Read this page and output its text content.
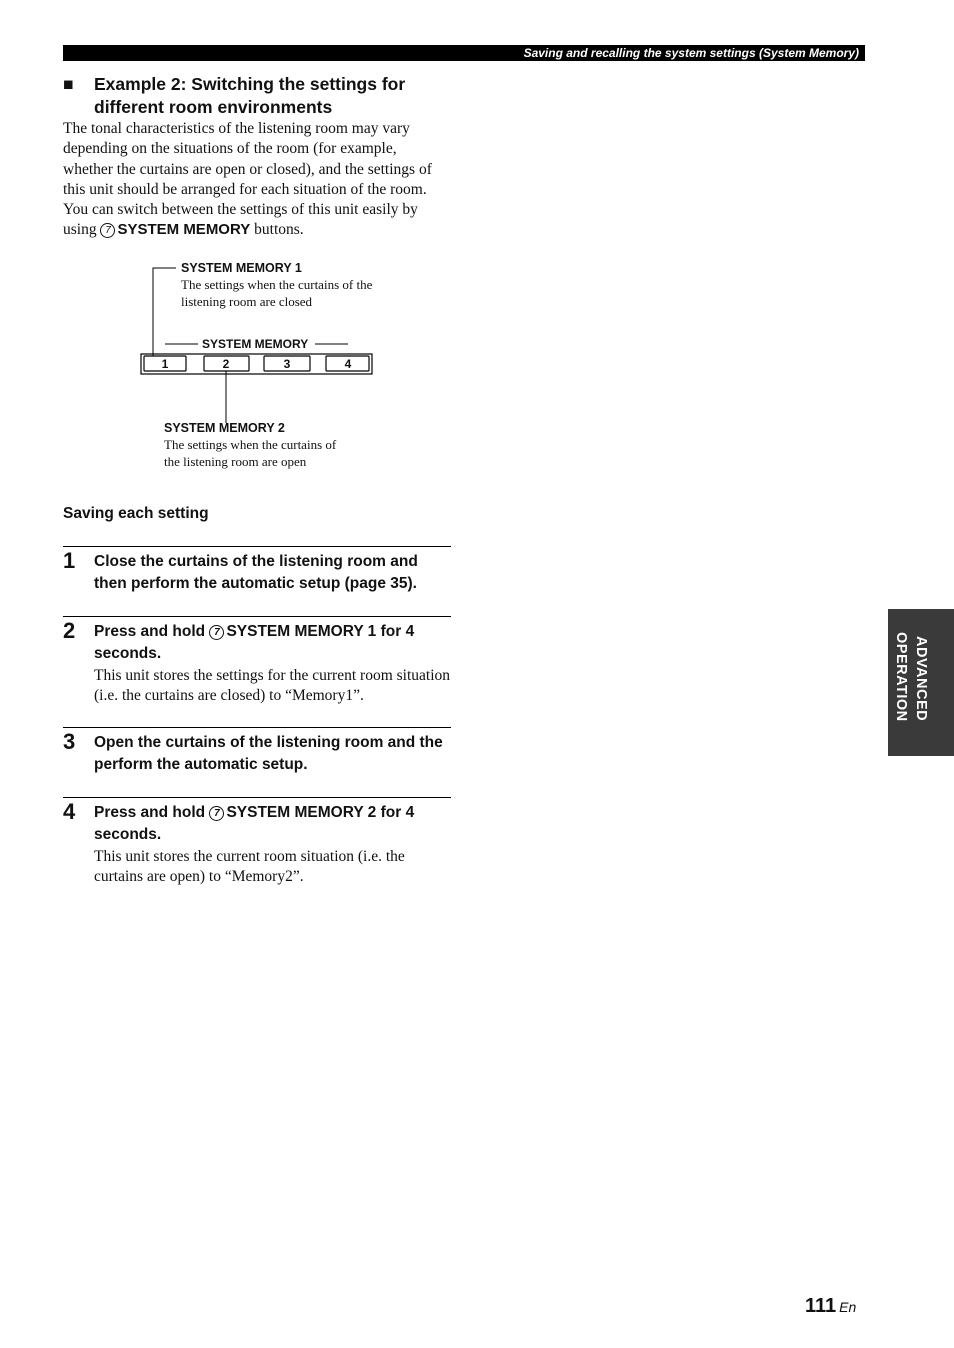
Saving and recalling the system settings (System Memory)
■ Example 2: Switching the settings for different room environments
The tonal characteristics of the listening room may vary depending on the situations of the room (for example, whether the curtains are open or closed), and the settings of this unit should be arranged for each situation of the room. You can switch between the settings of this unit easily by using 7 SYSTEM MEMORY buttons.
SYSTEM MEMORY 1
The settings when the curtains of the
listening room are closed
SYSTEM MEMORY
1	2	3	4
SYSTEM MEMORY 2
The settings when the curtains of
the listening room are open
Saving each setting
1 Close the curtains of the listening room and then perform the automatic setup (page 35).
2 Press and hold 7 SYSTEM MEMORY 1 for 4 seconds.
This unit stores the settings for the current room situation (i.e. the curtains are closed) to “Memory1”.
3 Open the curtains of the listening room and the perform the automatic setup.
4 Press and hold 7 SYSTEM MEMORY 2 for 4 seconds.
This unit stores the current room situation (i.e. the curtains are open) to “Memory2”.
ADVANCED
OPERATION
111 En
